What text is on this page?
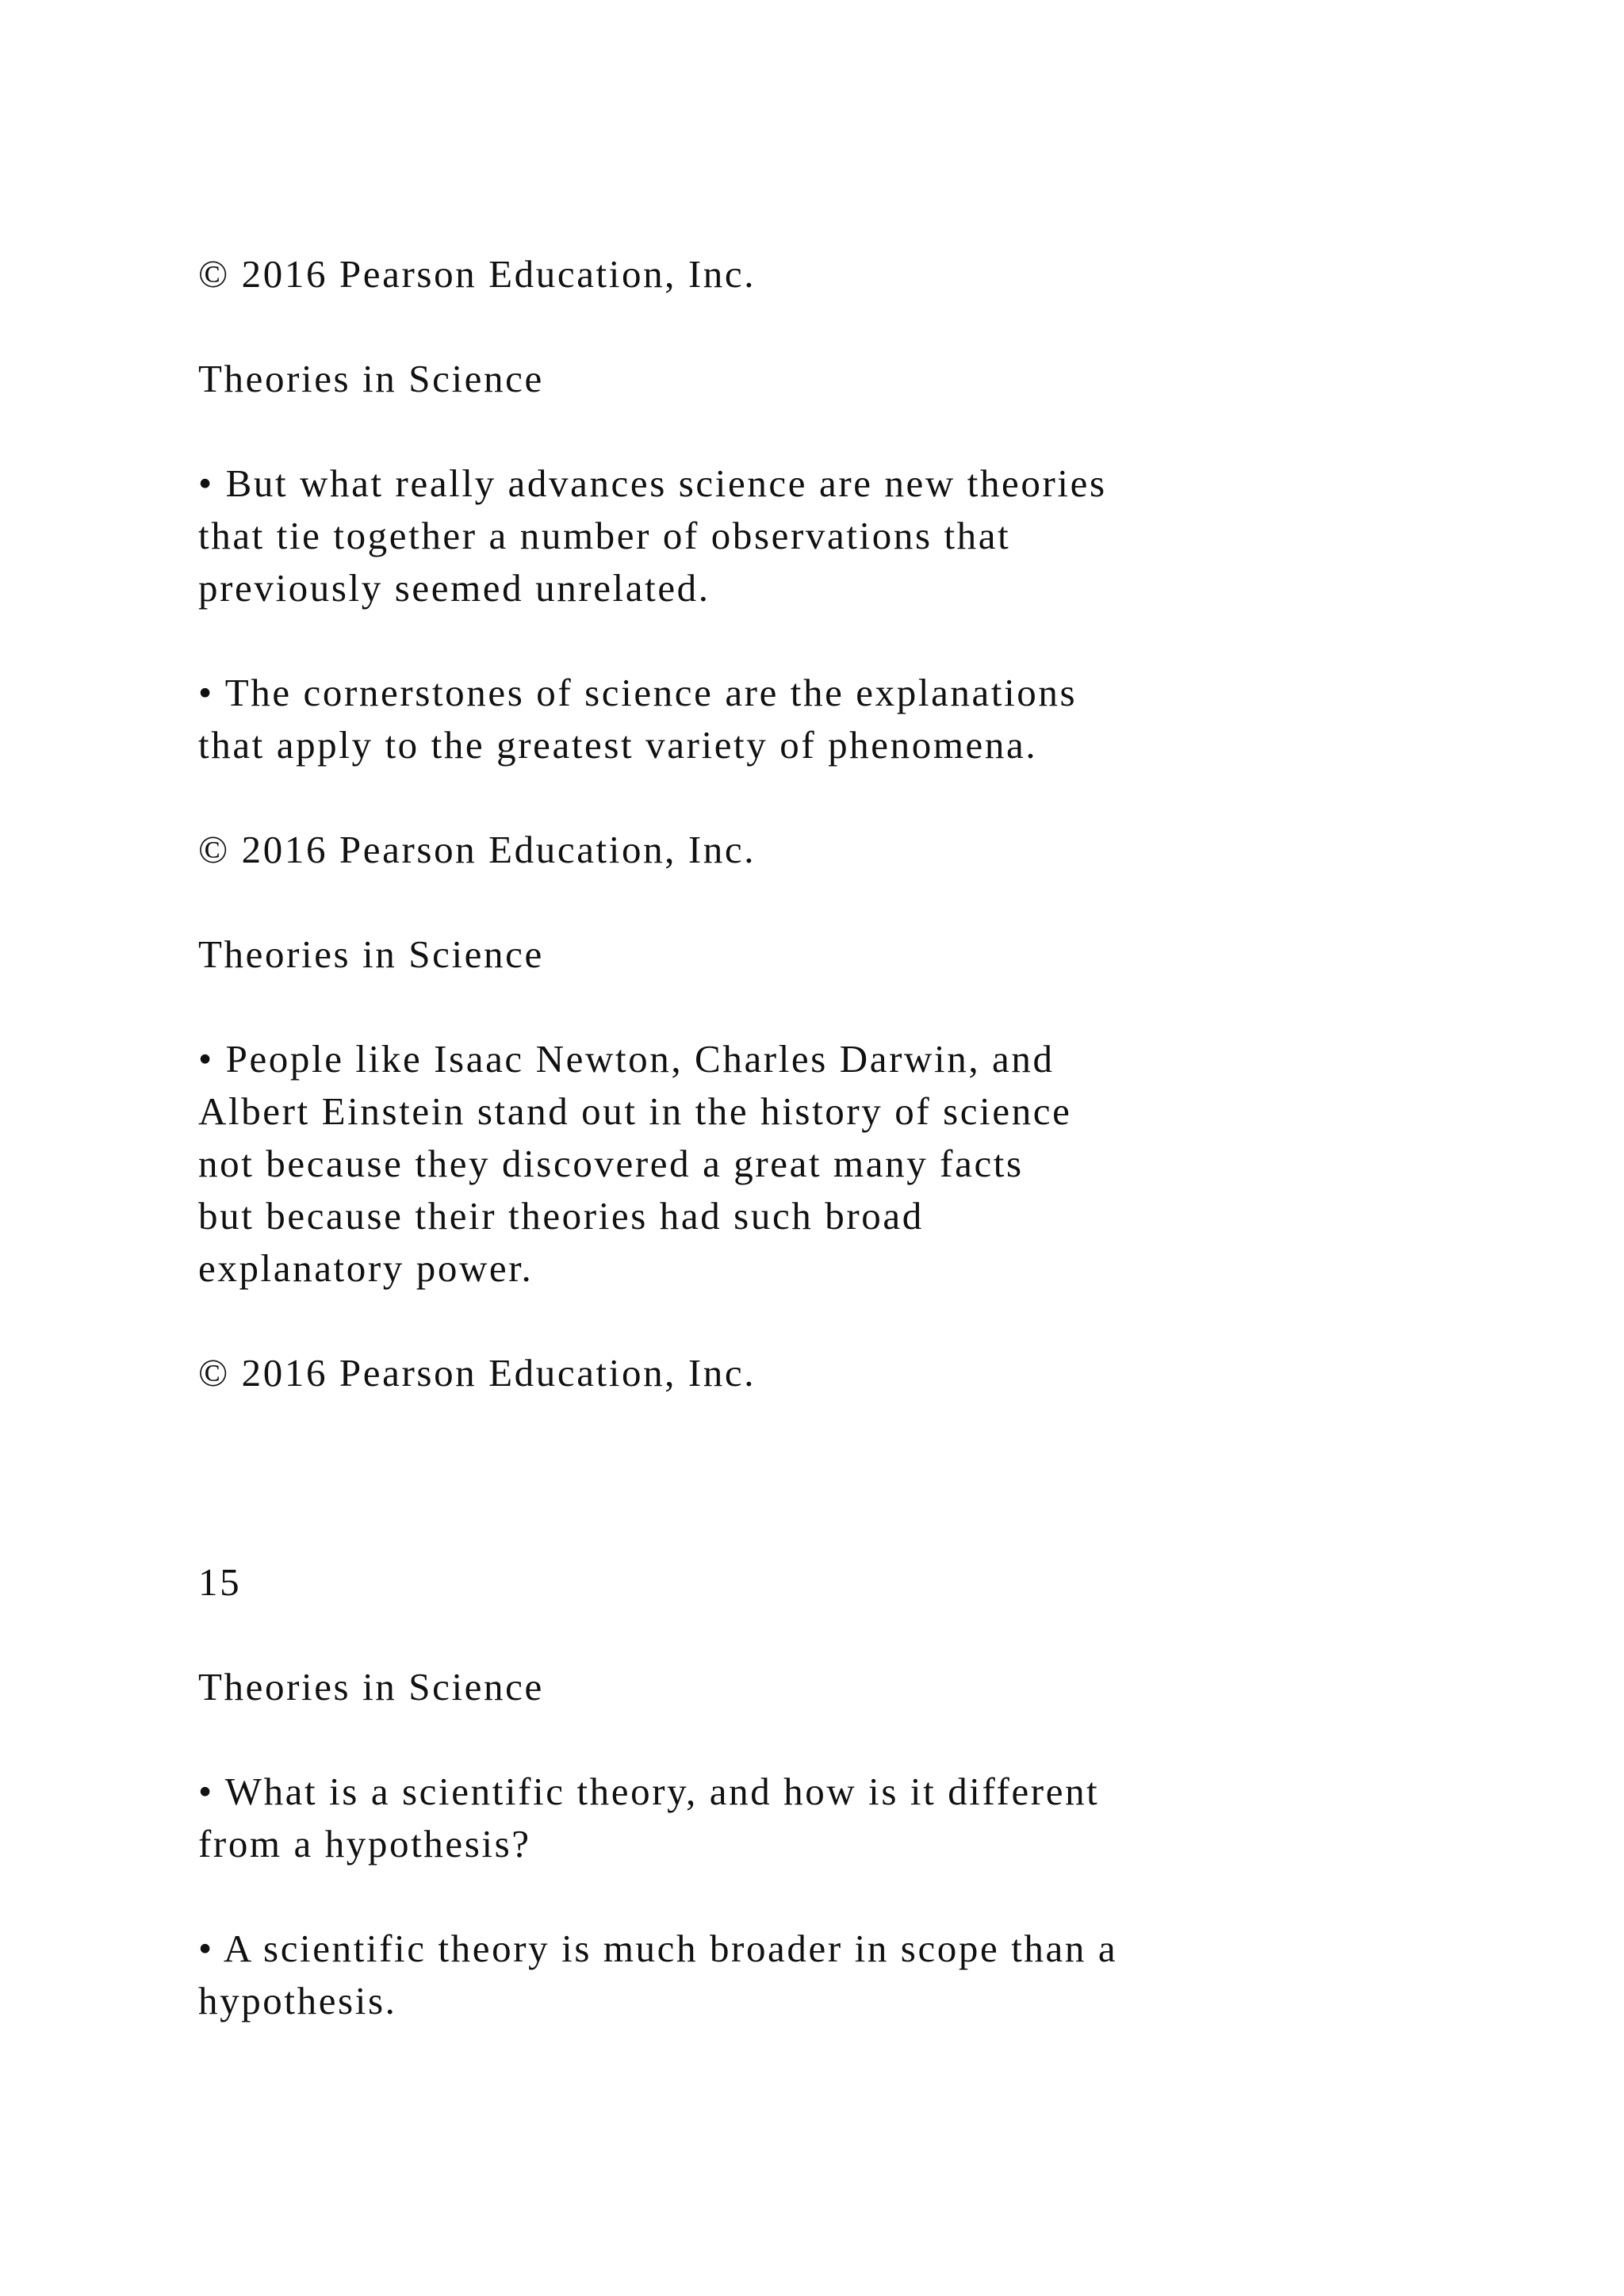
© 2016 Pearson Education, Inc.
Theories in Science
• But what really advances science are new theories
that tie together a number of observations that
previously seemed unrelated.
• The cornerstones of science are the explanations
that apply to the greatest variety of phenomena.
© 2016 Pearson Education, Inc.
Theories in Science
• People like Isaac Newton, Charles Darwin, and
Albert Einstein stand out in the history of science
not because they discovered a great many facts
but because their theories had such broad
explanatory power.
© 2016 Pearson Education, Inc.
15
Theories in Science
• What is a scientific theory, and how is it different
from a hypothesis?
• A scientific theory is much broader in scope than a
hypothesis.
